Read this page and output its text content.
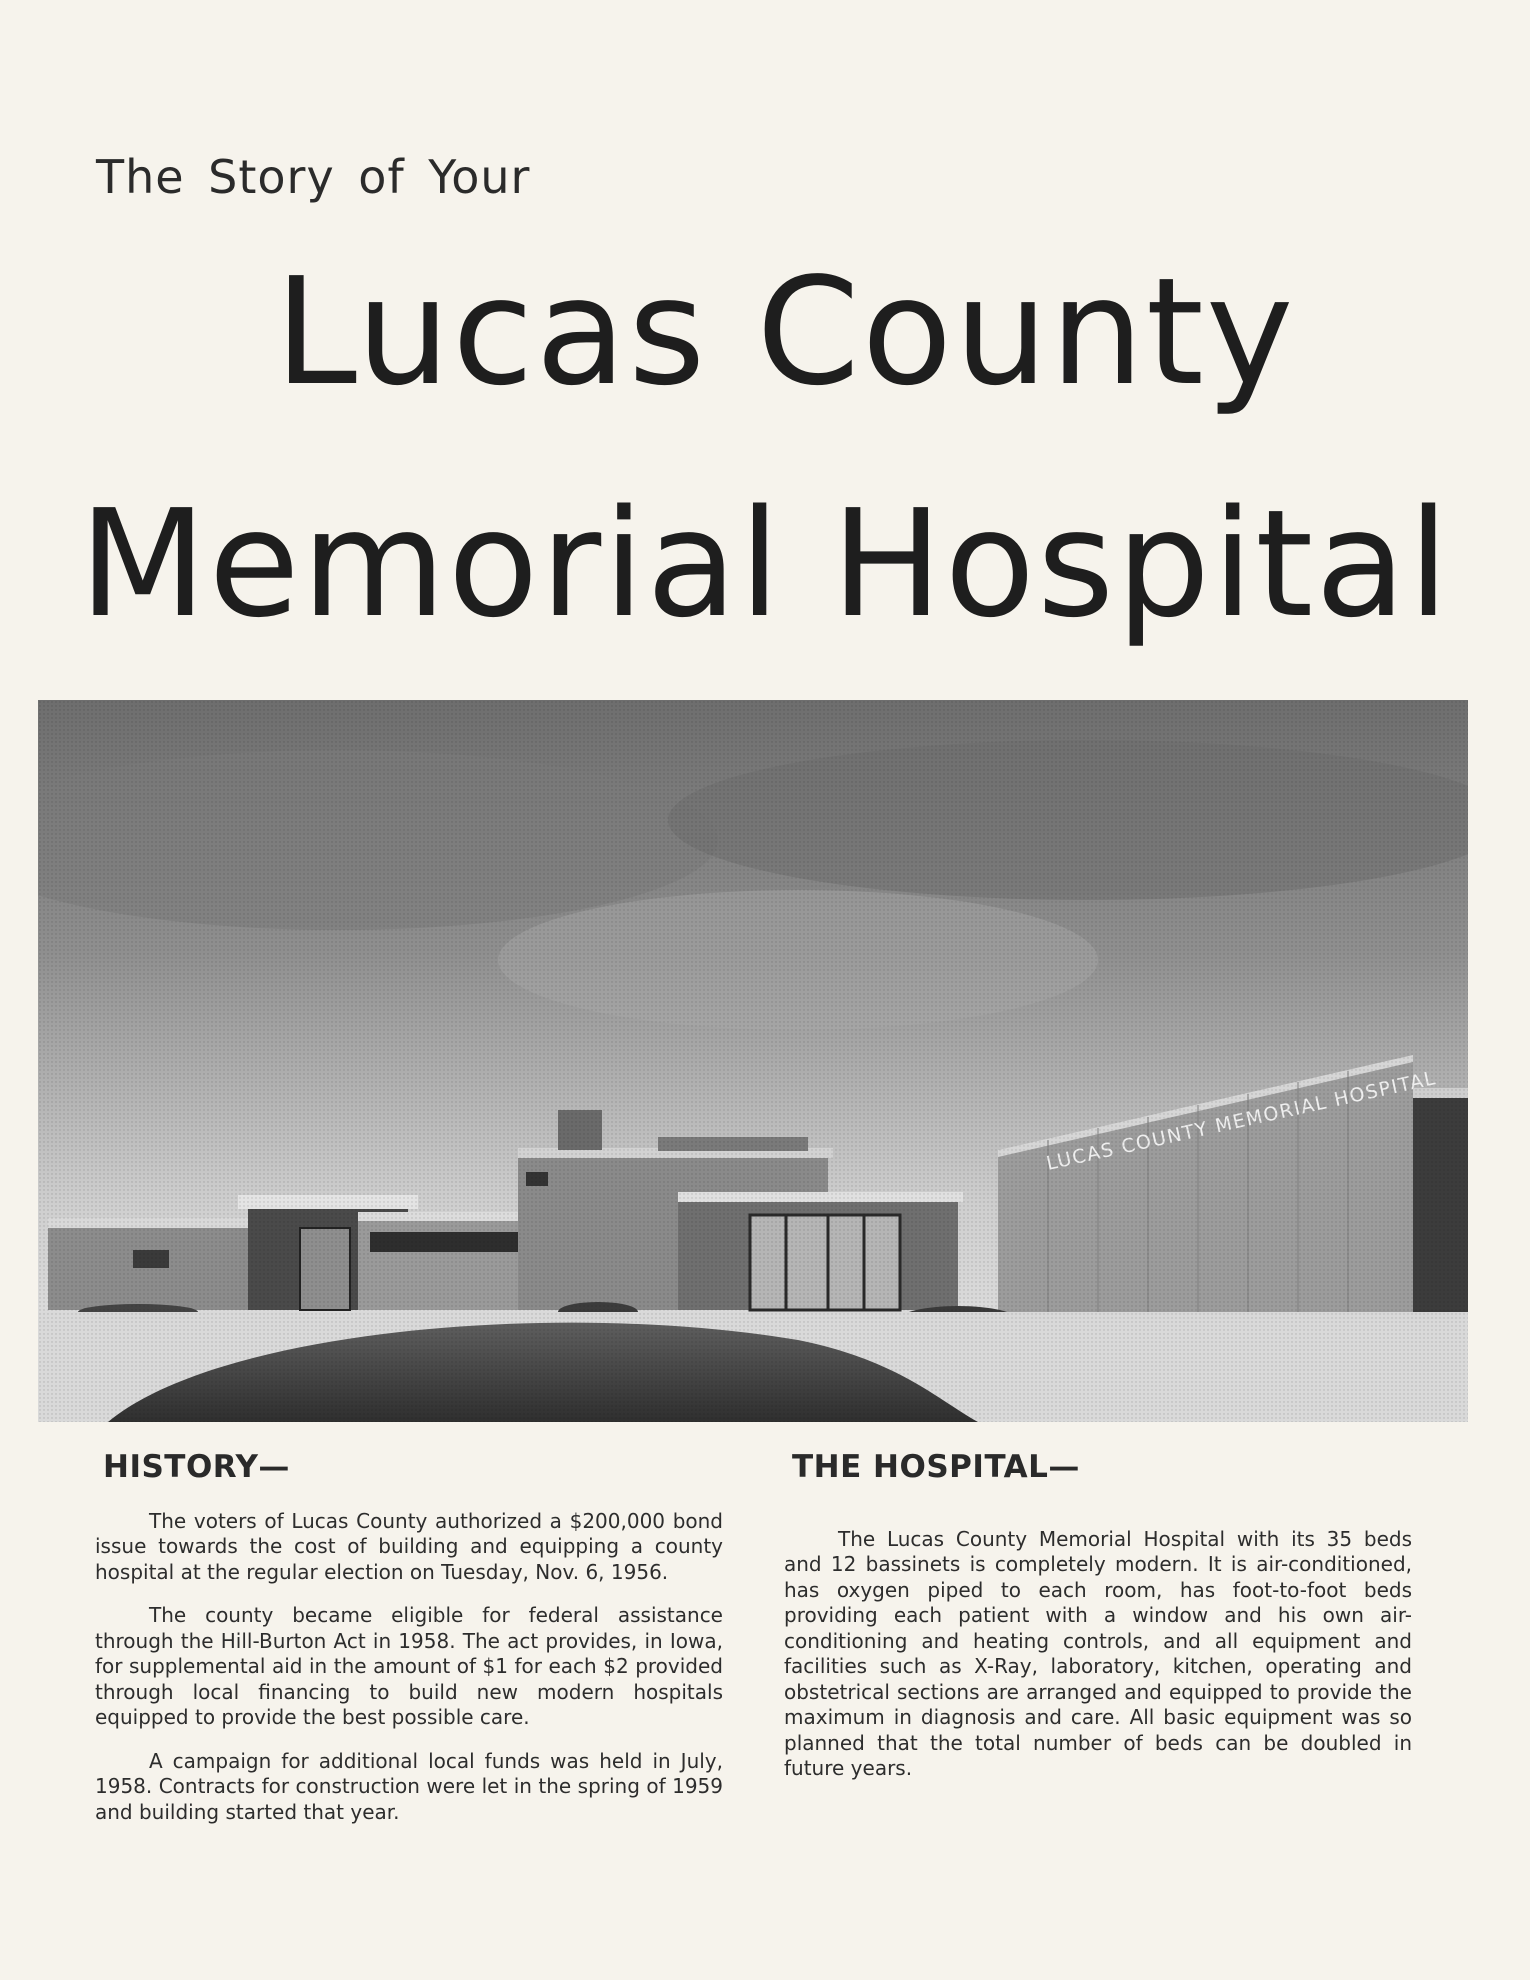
The Story of Your
Lucas County
Memorial Hospital
HISTORY—

The voters of Lucas County authorized a $200,000 bond issue towards the cost of building and equipping a county hospital at the regular election on Tuesday, Nov. 6, 1956.

The county became eligible for federal assistance through the Hill-Burton Act in 1958. The act provides, in Iowa, for supplemental aid in the amount of $1 for each $2 provided through local financing to build new modern hospitals equipped to provide the best possible care.

A campaign for additional local funds was held in July, 1958. Contracts for construction were let in the spring of 1959 and building started that year.

THE HOSPITAL—

The Lucas County Memorial Hospital with its 35 beds and 12 bassinets is completely modern. It is air-conditioned, has oxygen piped to each room, has foot-to-foot beds providing each patient with a window and his own air-conditioning and heating controls, and all equipment and facilities such as X-Ray, laboratory, kitchen, operating and obstetrical sections are arranged and equipped to provide the maximum in diagnosis and care. All basic equipment was so planned that the total number of beds can be doubled in future years.
